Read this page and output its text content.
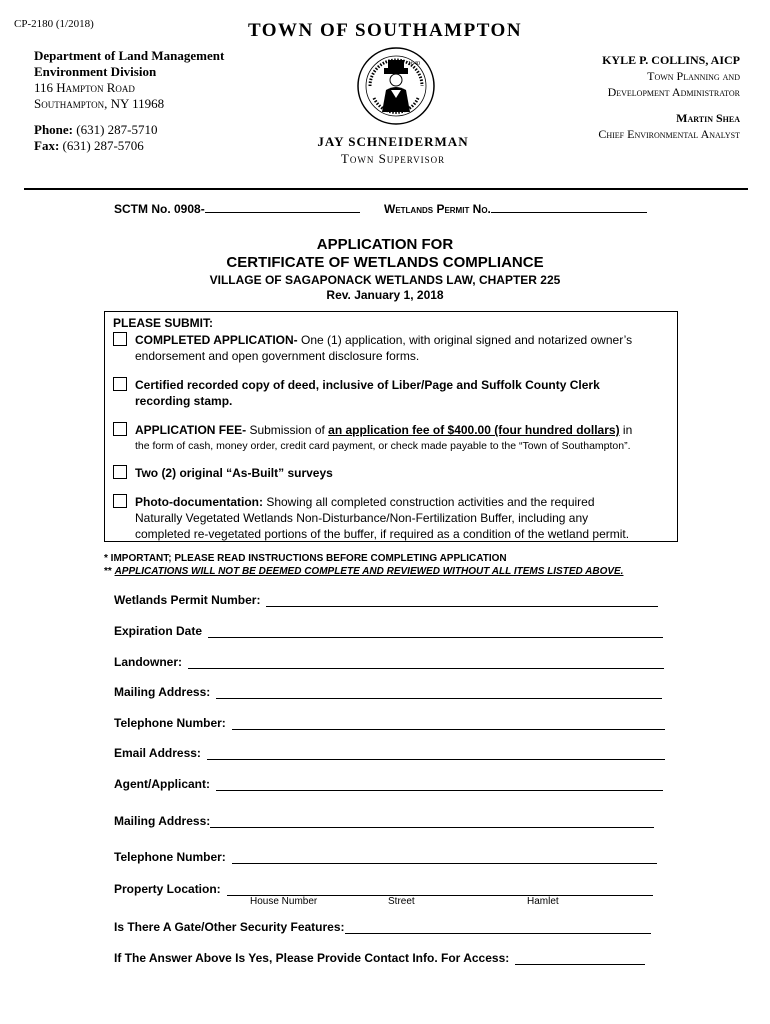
CP-2180 (1/2018)	TOWN OF SOUTHAMPTON
Department of Land Management
Environment Division
116 Hampton Road
Southampton, NY 11968
Phone: (631) 287-5710
Fax: (631) 287-5706
1640
JAY SCHNEIDERMAN
Town Supervisor
KYLE P. COLLINS, AICP
Town Planning and
Development Administrator
Martin Shea
Chief Environmental Analyst
SCTM No. 0908-	Wetlands Permit No.
APPLICATION FOR
CERTIFICATE OF WETLANDS COMPLIANCE
VILLAGE OF SAGAPONACK WETLANDS LAW, CHAPTER 225
Rev. January 1, 2018
PLEASE SUBMIT:
COMPLETED APPLICATION- One (1) application, with original signed and notarized owner’s
endorsement and open government disclosure forms.
Certified recorded copy of deed, inclusive of Liber/Page and Suffolk County Clerk
recording stamp.
APPLICATION FEE- Submission of an application fee of $400.00 (four hundred dollars) in
the form of cash, money order, credit card payment, or check made payable to the “Town of Southampton”.
Two (2) original “As-Built” surveys
Photo-documentation: Showing all completed construction activities and the required
Naturally Vegetated Wetlands Non-Disturbance/Non-Fertilization Buffer, including any
completed re-vegetated portions of the buffer, if required as a condition of the wetland permit.
* IMPORTANT; PLEASE READ INSTRUCTIONS BEFORE COMPLETING APPLICATION
** APPLICATIONS WILL NOT BE DEEMED COMPLETE AND REVIEWED WITHOUT ALL ITEMS LISTED ABOVE.
Wetlands Permit Number:
Expiration Date
Landowner:
Mailing Address:
Telephone Number:
Email Address:
Agent/Applicant:
Mailing Address:
Telephone Number:
Property Location:
House Number	Street	Hamlet
Is There A Gate/Other Security Features:
If The Answer Above Is Yes, Please Provide Contact Info. For Access:
